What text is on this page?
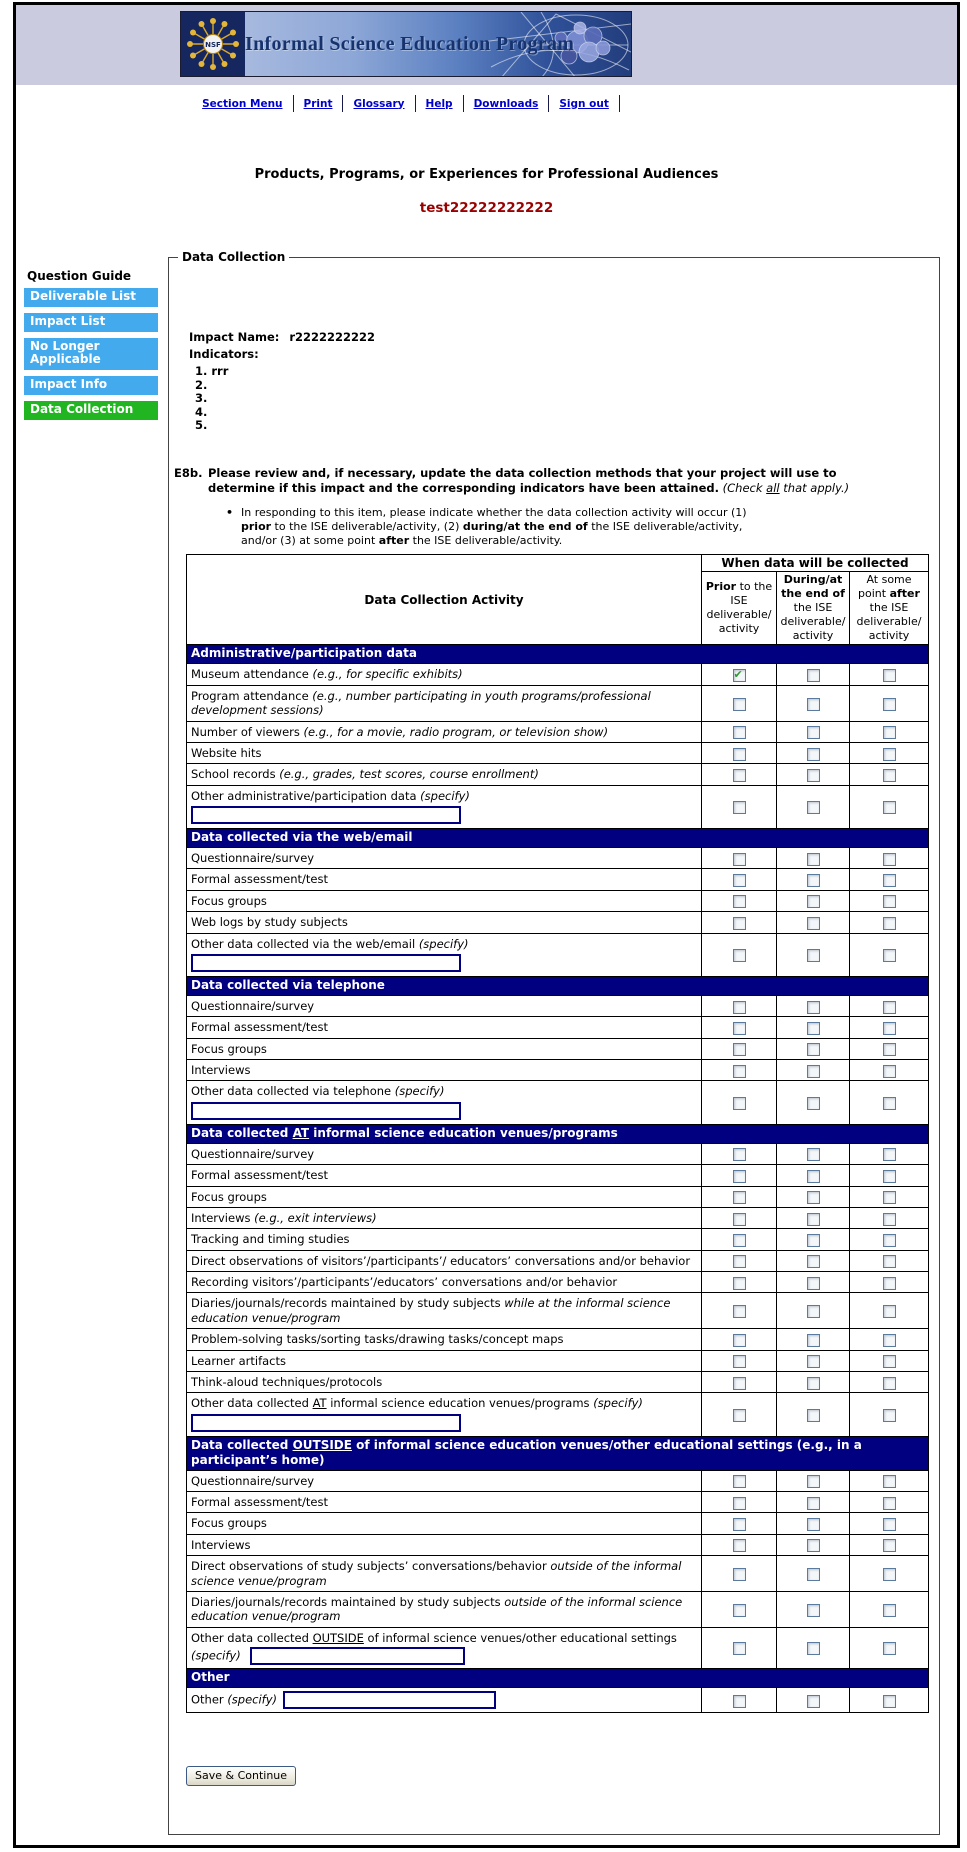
NSF Informal Science Education Program
Section Menu Print Glossary Help Downloads Sign out
Products, Programs, or Experiences for Professional Audiences
test22222222222
Question Guide
Deliverable List
Impact List
No Longer Applicable
Impact Info
Data Collection
Data Collection
Impact Name: r2222222222
Indicators:
1. rrr
2.
3.
4.
5.
E8b. Please review and, if necessary, update the data collection methods that your project will use to determine if this impact and the corresponding indicators have been attained. (Check all that apply.)
• In responding to this item, please indicate whether the data collection activity will occur (1) prior to the ISE deliverable/activity, (2) during/at the end of the ISE deliverable/activity, and/or (3) at some point after the ISE deliverable/activity.
Data Collection Activity	When data will be collected		
	Prior to the ISE deliverable/ activity	During/at the end of the ISE deliverable/ activity	At some point after the ISE deliverable/ activity
Administrative/participation data			
Museum attendance (e.g., for specific exhibits)	✔		
Program attendance (e.g., number participating in youth programs/professional development sessions)			
Number of viewers (e.g., for a movie, radio program, or television show)			
Website hits			
School records (e.g., grades, test scores, course enrollment)			

Other administrative/participation data (specify)			

Data collected via the web/email			
Questionnaire/survey			
Formal assessment/test			
Focus groups			
Web logs by study subjects			

Other data collected via the web/email (specify)			

Data collected via telephone			
Questionnaire/survey			
Formal assessment/test			
Focus groups			
Interviews			

Other data collected via telephone (specify)			

Data collected AT informal science education venues/programs			
Questionnaire/survey			
Formal assessment/test			
Focus groups			
Interviews (e.g., exit interviews)			
Tracking and timing studies			
Direct observations of visitors’/participants’/ educators’ conversations and/or behavior			
Recording visitors’/participants’/educators’ conversations and/or behavior			
Diaries/journals/records maintained by study subjects while at the informal science education venue/program			
Problem-solving tasks/sorting tasks/drawing tasks/concept maps			
Learner artifacts			
Think-aloud techniques/protocols			

Other data collected AT informal science education venues/programs (specify)			

Data collected OUTSIDE of informal science education venues/other educational settings (e.g., in a participant’s home)			
Questionnaire/survey			
Formal assessment/test			
Focus groups			
Interviews			
Direct observations of study subjects’ conversations/behavior outside of the informal science venue/program			
Diaries/journals/records maintained by study subjects outside of the informal science education venue/program			

Other data collected OUTSIDE of informal science venues/other educational settings
(specify)			

Other			
Other (specify)			
Save & Continue
